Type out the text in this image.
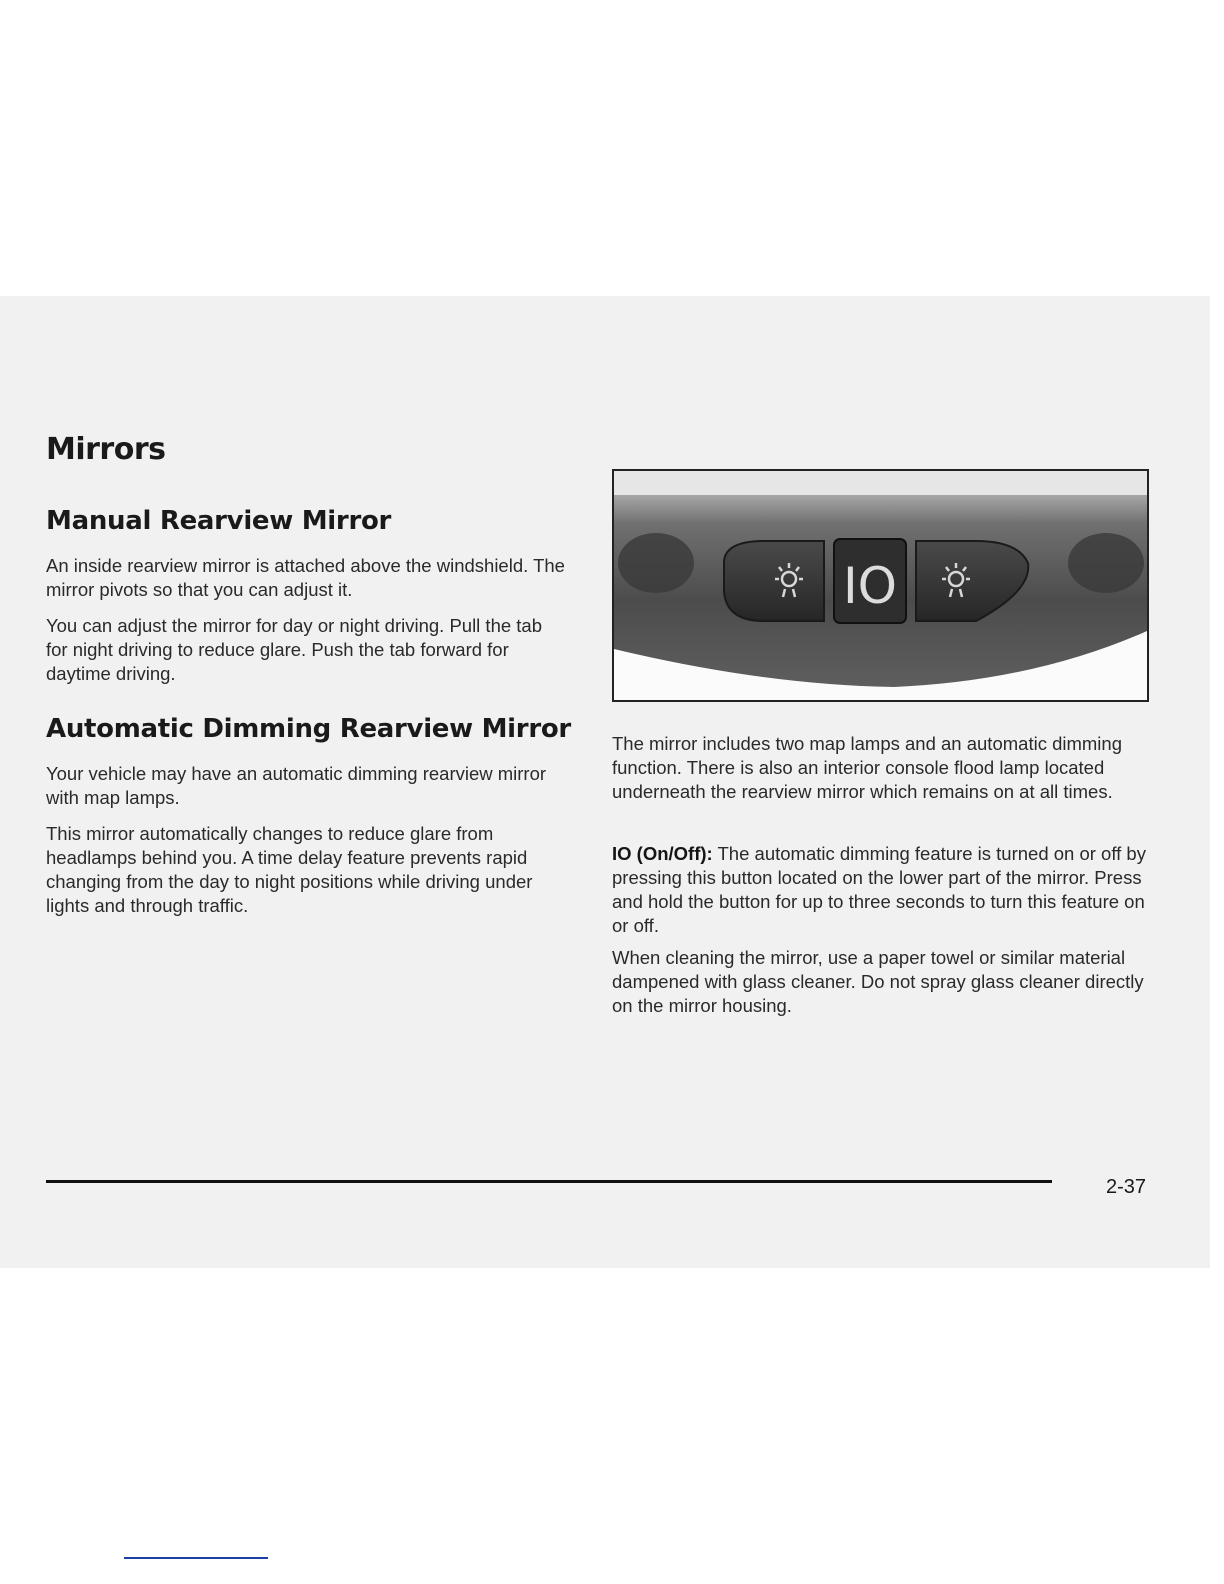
Mirrors
Manual Rearview Mirror

An inside rearview mirror is attached above the windshield. The mirror pivots so that you can adjust it.

You can adjust the mirror for day or night driving. Pull the tab for night driving to reduce glare. Push the tab forward for daytime driving.

Automatic Dimming Rearview Mirror

Your vehicle may have an automatic dimming rearview mirror with map lamps.

This mirror automatically changes to reduce glare from headlamps behind you. A time delay feature prevents rapid changing from the day to night positions while driving under lights and through traffic.

IO

The mirror includes two map lamps and an automatic dimming function. There is also an interior console flood lamp located underneath the rearview mirror which remains on at all times.

IO (On/Off): The automatic dimming feature is turned on or off by pressing this button located on the lower part of the mirror. Press and hold the button for up to three seconds to turn this feature on or off.

When cleaning the mirror, use a paper towel or similar material dampened with glass cleaner. Do not spray glass cleaner directly on the mirror housing.

2-37
